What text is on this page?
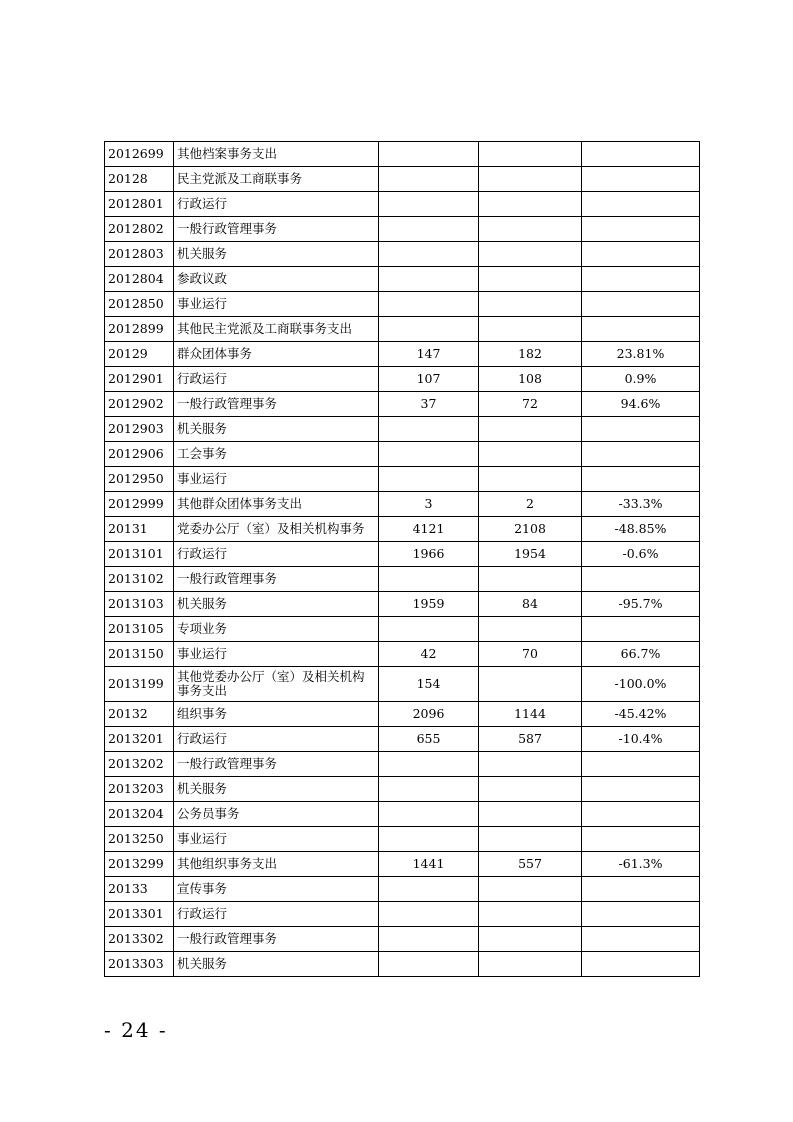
2012699	其他档案事务支出			
20128	民主党派及工商联事务			
2012801	行政运行			
2012802	一般行政管理事务			
2012803	机关服务			
2012804	参政议政			
2012850	事业运行			
2012899	其他民主党派及工商联事务支出			
20129	群众团体事务	147	182	23.81%
2012901	行政运行	107	108	0.9%
2012902	一般行政管理事务	37	72	94.6%
2012903	机关服务			
2012906	工会事务			
2012950	事业运行			
2012999	其他群众团体事务支出	3	2	-33.3%
20131	党委办公厅（室）及相关机构事务	4121	2108	-48.85%
2013101	行政运行	1966	1954	-0.6%
2013102	一般行政管理事务			
2013103	机关服务	1959	84	-95.7%
2013105	专项业务			
2013150	事业运行	42	70	66.7%
2013199	其他党委办公厅（室）及相关机构事务支出	154		-100.0%
20132	组织事务	2096	1144	-45.42%
2013201	行政运行	655	587	-10.4%
2013202	一般行政管理事务			
2013203	机关服务			
2013204	公务员事务			
2013250	事业运行			
2013299	其他组织事务支出	1441	557	-61.3%
20133	宣传事务			
2013301	行政运行			
2013302	一般行政管理事务			
2013303	机关服务			
- 24 -
